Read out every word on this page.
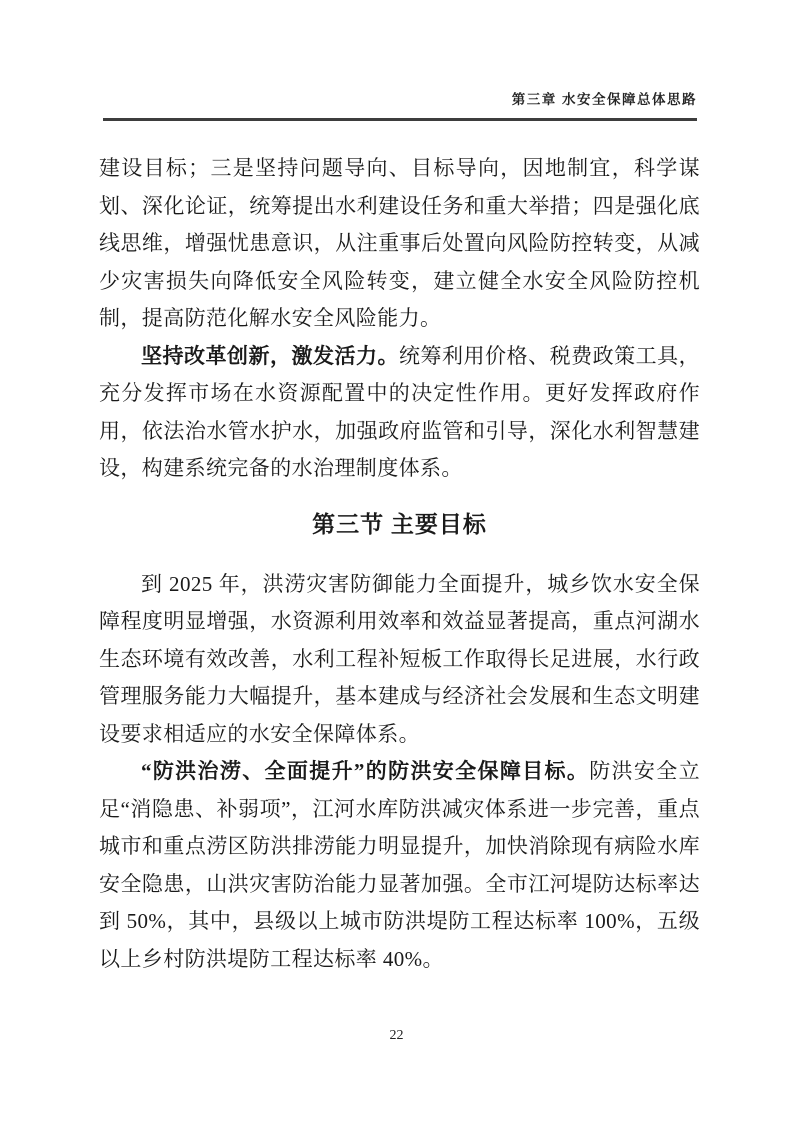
第三章 水安全保障总体思路

建设目标；三是坚持问题导向、目标导向，因地制宜，科学谋划、深化论证，统筹提出水利建设任务和重大举措；四是强化底线思维，增强忧患意识，从注重事后处置向风险防控转变，从减少灾害损失向降低安全风险转变，建立健全水安全风险防控机制，提高防范化解水安全风险能力。

坚持改革创新，激发活力。统筹利用价格、税费政策工具，充分发挥市场在水资源配置中的决定性作用。更好发挥政府作用，依法治水管水护水，加强政府监管和引导，深化水利智慧建设，构建系统完备的水治理制度体系。

第三节 主要目标

到 2025 年，洪涝灾害防御能力全面提升，城乡饮水安全保障程度明显增强，水资源利用效率和效益显著提高，重点河湖水生态环境有效改善，水利工程补短板工作取得长足进展，水行政管理服务能力大幅提升，基本建成与经济社会发展和生态文明建设要求相适应的水安全保障体系。

“防洪治涝、全面提升”的防洪安全保障目标。防洪安全立足“消隐患、补弱项”，江河水库防洪减灾体系进一步完善，重点城市和重点涝区防洪排涝能力明显提升，加快消除现有病险水库安全隐患，山洪灾害防治能力显著加强。全市江河堤防达标率达到 50%，其中，县级以上城市防洪堤防工程达标率 100%，五级以上乡村防洪堤防工程达标率 40%。

22
